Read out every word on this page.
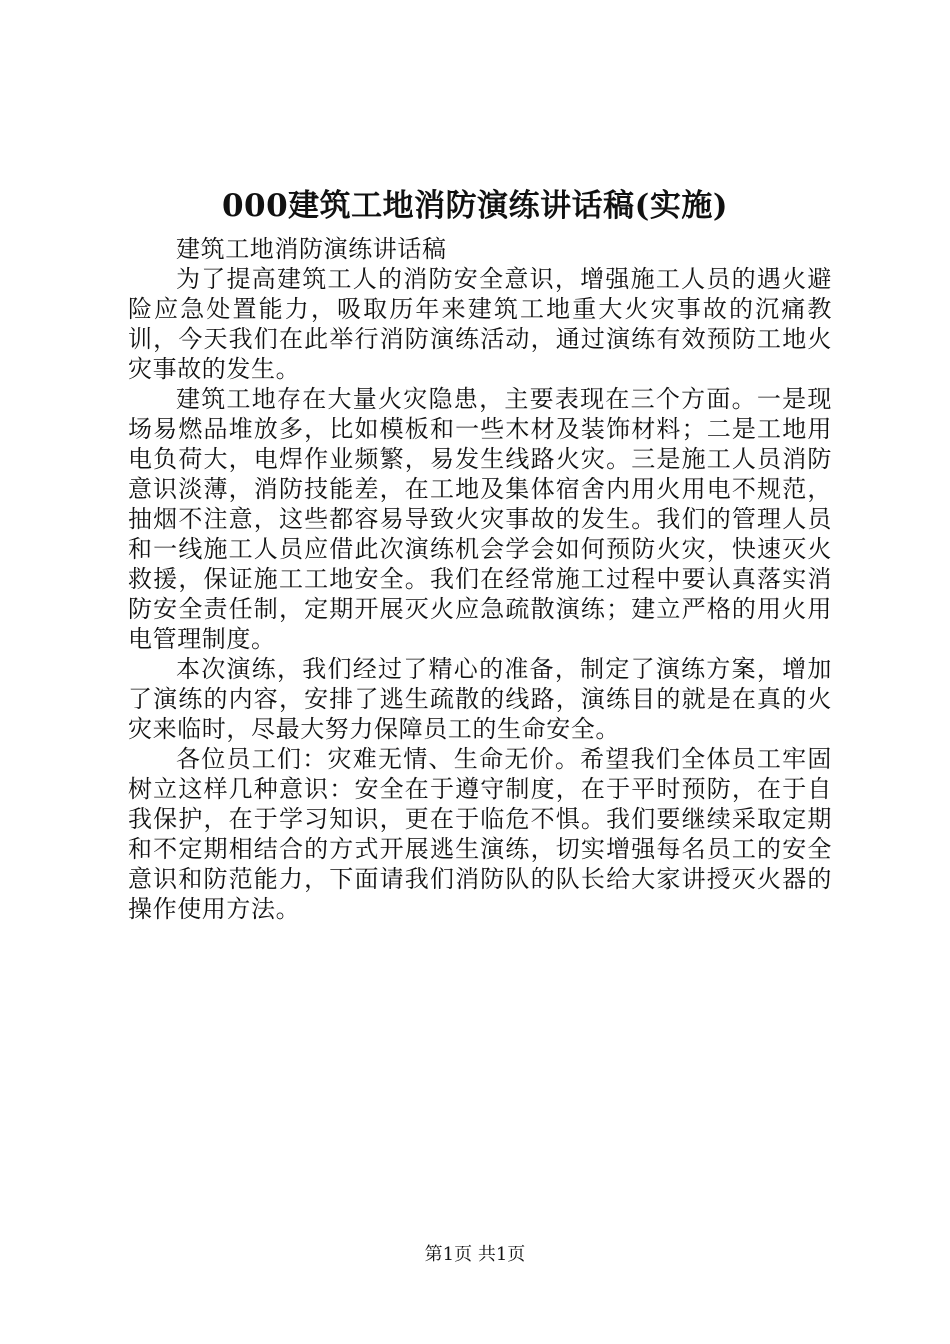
000建筑工地消防演练讲话稿(实施)

建筑工地消防演练讲话稿

为了提高建筑工人的消防安全意识，增强施工人员的遇火避险应急处置能力，吸取历年来建筑工地重大火灾事故的沉痛教训，今天我们在此举行消防演练活动，通过演练有效预防工地火灾事故的发生。

建筑工地存在大量火灾隐患，主要表现在三个方面。一是现场易燃品堆放多，比如模板和一些木材及装饰材料；二是工地用电负荷大，电焊作业频繁，易发生线路火灾。三是施工人员消防意识淡薄，消防技能差，在工地及集体宿舍内用火用电不规范，抽烟不注意，这些都容易导致火灾事故的发生。我们的管理人员和一线施工人员应借此次演练机会学会如何预防火灾，快速灭火救援，保证施工工地安全。我们在经常施工过程中要认真落实消防安全责任制，定期开展灭火应急疏散演练；建立严格的用火用电管理制度。

本次演练，我们经过了精心的准备，制定了演练方案，增加了演练的内容，安排了逃生疏散的线路，演练目的就是在真的火灾来临时，尽最大努力保障员工的生命安全。

各位员工们：灾难无情、生命无价。希望我们全体员工牢固树立这样几种意识：安全在于遵守制度，在于平时预防，在于自我保护，在于学习知识，更在于临危不惧。我们要继续采取定期和不定期相结合的方式开展逃生演练，切实增强每名员工的安全意识和防范能力，下面请我们消防队的队长给大家讲授灭火器的操作使用方法。

第1页 共1页
